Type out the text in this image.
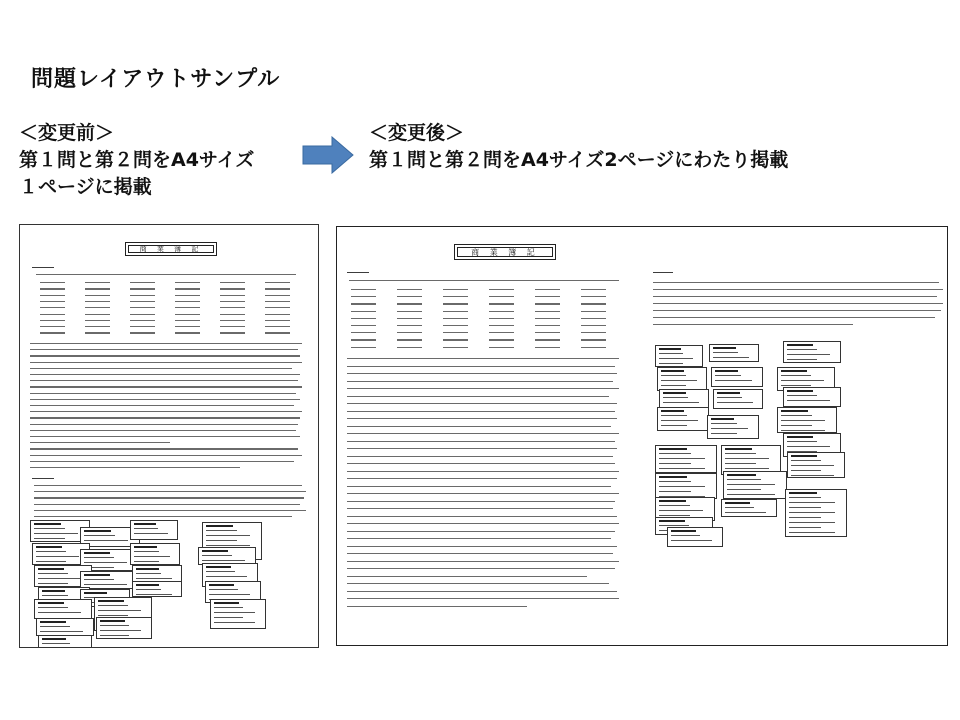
問題レイアウトサンプル
＜変更前＞
第１問と第２問をA4サイズ
１ページに掲載
＜変更後＞
第１問と第２問をA4サイズ2ページにわたり掲載
商 業 簿 記	商 業 簿 記
